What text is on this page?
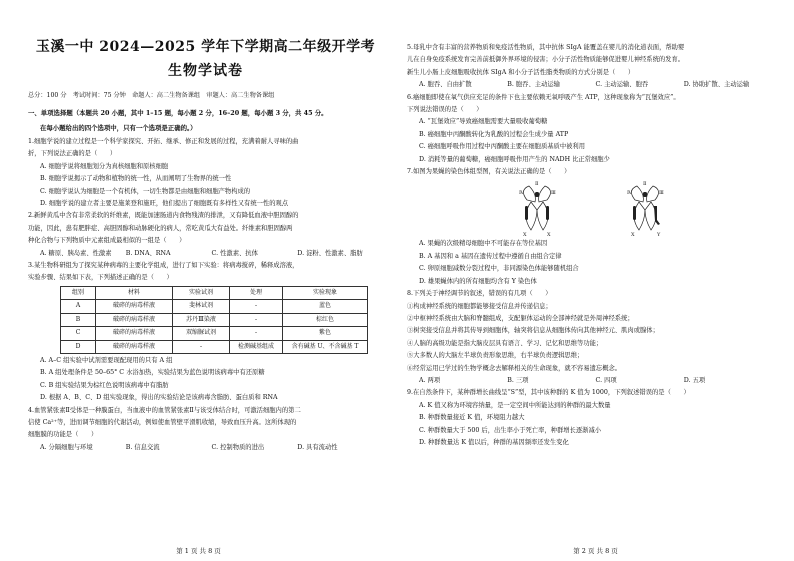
玉溪一中 2024—2025 学年下学期高二年级开学考
生物学试卷
总分：100 分　考试时间：75 分钟　命题人：高二生物备课组　审题人：高二生物备课组
一、单项选择题（本题共 20 小题，其中 1–15 题，每小题 2 分，16–20 题，每小题 3 分，共 45 分。
在每小题给出的四个选项中，只有一个选项是正确的。）

1.细胞学说的建立过程是一个科学家探究、开拓、继承、修正和发展的过程，充满着耐人寻味的曲

折，下列说法正确的是（　　）

A. 细胞学说将细胞划分为真核细胞和原核细胞

B. 细胞学说揭示了动物和植物的统一性，从而阐明了生物界的统一性

C. 细胞学说认为细胞是一个有机体，一切生物都是由细胞和细胞产物构成的

D. 细胞学说的建立者主要是施莱登和施旺，他们提出了细胞既有多样性又有统一性的观点

2.新鲜黄瓜中含有非常柔软的纤维素，既能加速肠道内食物残渣的排泄，又有降低血液中胆固醇的

功能，因此，患有肥胖症、高胆固醇和动脉硬化的病人，常吃黄瓜大有益处。纤维素和胆固醇两

种化合物与下列物质中元素组成最相似的一组是（　　）

A. 糖原、胰岛素、性激素	B. DNA、RNA	C. 性激素、抗体	D. 淀粉、性激素、脂肪

3.某生物科研组为了探究某种病毒的主要化学组成，进行了如下实验：将病毒搅碎，稀释成溶液，

实验步骤、结果如下表，下列描述正确的是（　　）

组别	材料	实验试剂	处理	实验现象
A	破碎的病毒样液	斐林试剂	-	蓝色
B	破碎的病毒样液	苏丹Ⅲ染液	-	棕红色
C	破碎的病毒样液	双缩脲试剂	-	紫色
D	破碎的病毒样液	-	检测碱基组成	含有碱基 U、不含碱基 T

A. A–C 组实验中试剂需要现配现用的只有 A 组

B. A 组处理条件是 50–65° C 水浴加热，实验结果为蓝色说明该病毒中有还原糖

C. B 组实验结果为棕红色说明该病毒中有脂肪

D. 根据 A、B、C、D 组实验现象，得出的实验结论是该病毒含脂肪、蛋白质和 RNA

4.血管紧张素Ⅱ受体是一种膜蛋白，当血液中的血管紧张素Ⅱ与该受体结合时，可激活细胞内的第二

信使 Ca²⁺等，进而调节细胞的代谢活动，例如使血管壁平滑肌收缩，导致血压升高。这所体现的

细胞膜的功能是（　　）

A. 分隔细胞与环境	B. 信息交流	C. 控制物质的进出	D. 具有流动性
第 1 页 共 8 页

5.母乳中含有丰富的营养物质和免疫活性物质，其中抗体 SIgA 能覆盖在婴儿的消化道表面，帮助婴

儿在自身免疫系统发育完善前抵御外界环境的侵害；小分子活性物质能够促进婴儿神经系统的发育。

新生儿小肠上皮细胞吸收抗体 SIgA 和小分子活性脂类物质的方式分别是（　　）

A. 胞吞、自由扩散	B. 胞吞、主动运输	C. 主动运输、胞吞	D. 协助扩散、主动运输

6.癌细胞即使在氧气供应充足的条件下也主要依赖无氧呼吸产生 ATP，这种现象称为“瓦堡效应”。

下列说法错误的是（　　）

A. “瓦堡效应”导致癌细胞需要大量吸收葡萄糖

B. 癌细胞中丙酮酸转化为乳酸的过程会生成少量 ATP

C. 癌细胞呼吸作用过程中丙酮酸主要在细胞质基质中被利用

D. 消耗等量的葡萄糖，癌细胞呼吸作用产生的 NADH 比正常细胞少

7.如图为果蝇的染色体组型图，有关说法正确的是（　　）

Ⅱ
Ⅲ
Ⅳ
X	X
Ⅱ
Ⅲ
Ⅳ
X	Y

A. 果蝇的次级精母细胞中不可能存在等位基因

B. A 基因和 a 基因在遗传过程中遵循自由组合定律

C. 卵原细胞减数分裂过程中，非同源染色体能够随机组合

D. 雄果蝇体内的所有细胞均含有 Y 染色体

8.下列关于神经调节的叙述，错误的有几项（　　）

①构成神经系统的细胞都能够接受信息并传递信息；

②中枢神经系统由大脑和脊髓组成，支配躯体运动的全部神经就是外周神经系统；

③树突接受信息并将其传导到细胞体，轴突将信息从细胞体传向其他神经元、肌肉或腺体；

④人脑的高级功能是指大脑皮层具有语言、学习、记忆和思维等功能；

⑤大多数人的大脑左半球负责形象思维，右半球负责逻辑思维；

⑥经常运用已学过的生物学概念去解释相关的生命现象，就不容易遗忘概念。

A. 两项	B. 三项	C. 四项	D. 五项

9.在自然条件下，某种群增长曲线呈“S”型，其中该种群的 K 值为 1000，下列叙述错误的是（　　）

A. K 值又称为环境容纳量，是一定空间中所能达到的种群的最大数量

B. 种群数量接近 K 值，环境阻力越大

C. 种群数量大于 500 后，出生率小于死亡率，种群增长逐渐减小

D. 种群数量达 K 值以后，种群的基因频率还发生变化

第 2 页 共 8 页
